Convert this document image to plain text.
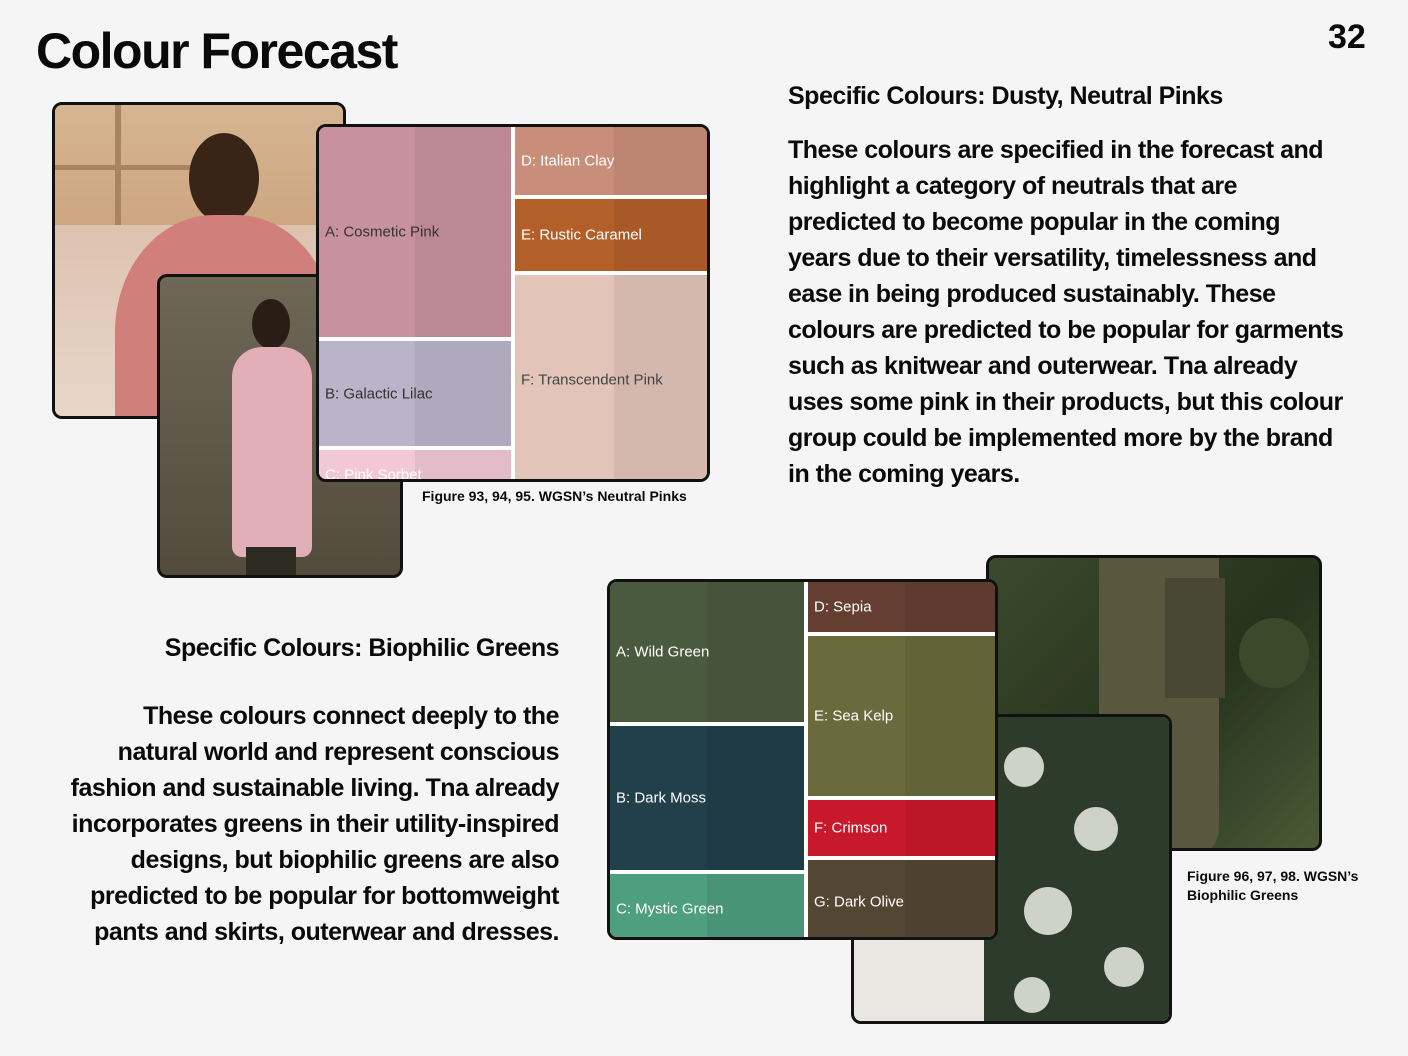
Colour Forecast	32
A: Cosmetic Pink
B: Galactic Lilac
C: Pink Sorbet
D: Italian Clay
E: Rustic Caramel
F: Transcendent Pink
Figure 93, 94, 95. WGSN’s Neutral Pinks
Specific Colours: Dusty, Neutral Pinks

These colours are specified in the forecast and highlight a category of neutrals that are predicted to become popular in the coming years due to their versatility, timelessness and ease in being produced sustainably. These colours are predicted to be popular for garments such as knitwear and outerwear. Tna already uses some pink in their products, but this colour group could be implemented more by the brand in the coming years.

Specific Colours: Biophilic Greens

These colours connect deeply to the natural world and represent conscious fashion and sustainable living. Tna already incorporates greens in their utility-inspired designs, but biophilic greens are also predicted to be popular for bottomweight pants and skirts, outerwear and dresses.

A: Wild Green
B: Dark Moss
C: Mystic Green
D: Sepia
E: Sea Kelp
F: Crimson
G: Dark Olive
Figure 96, 97, 98. WGSN’s Biophilic Greens
